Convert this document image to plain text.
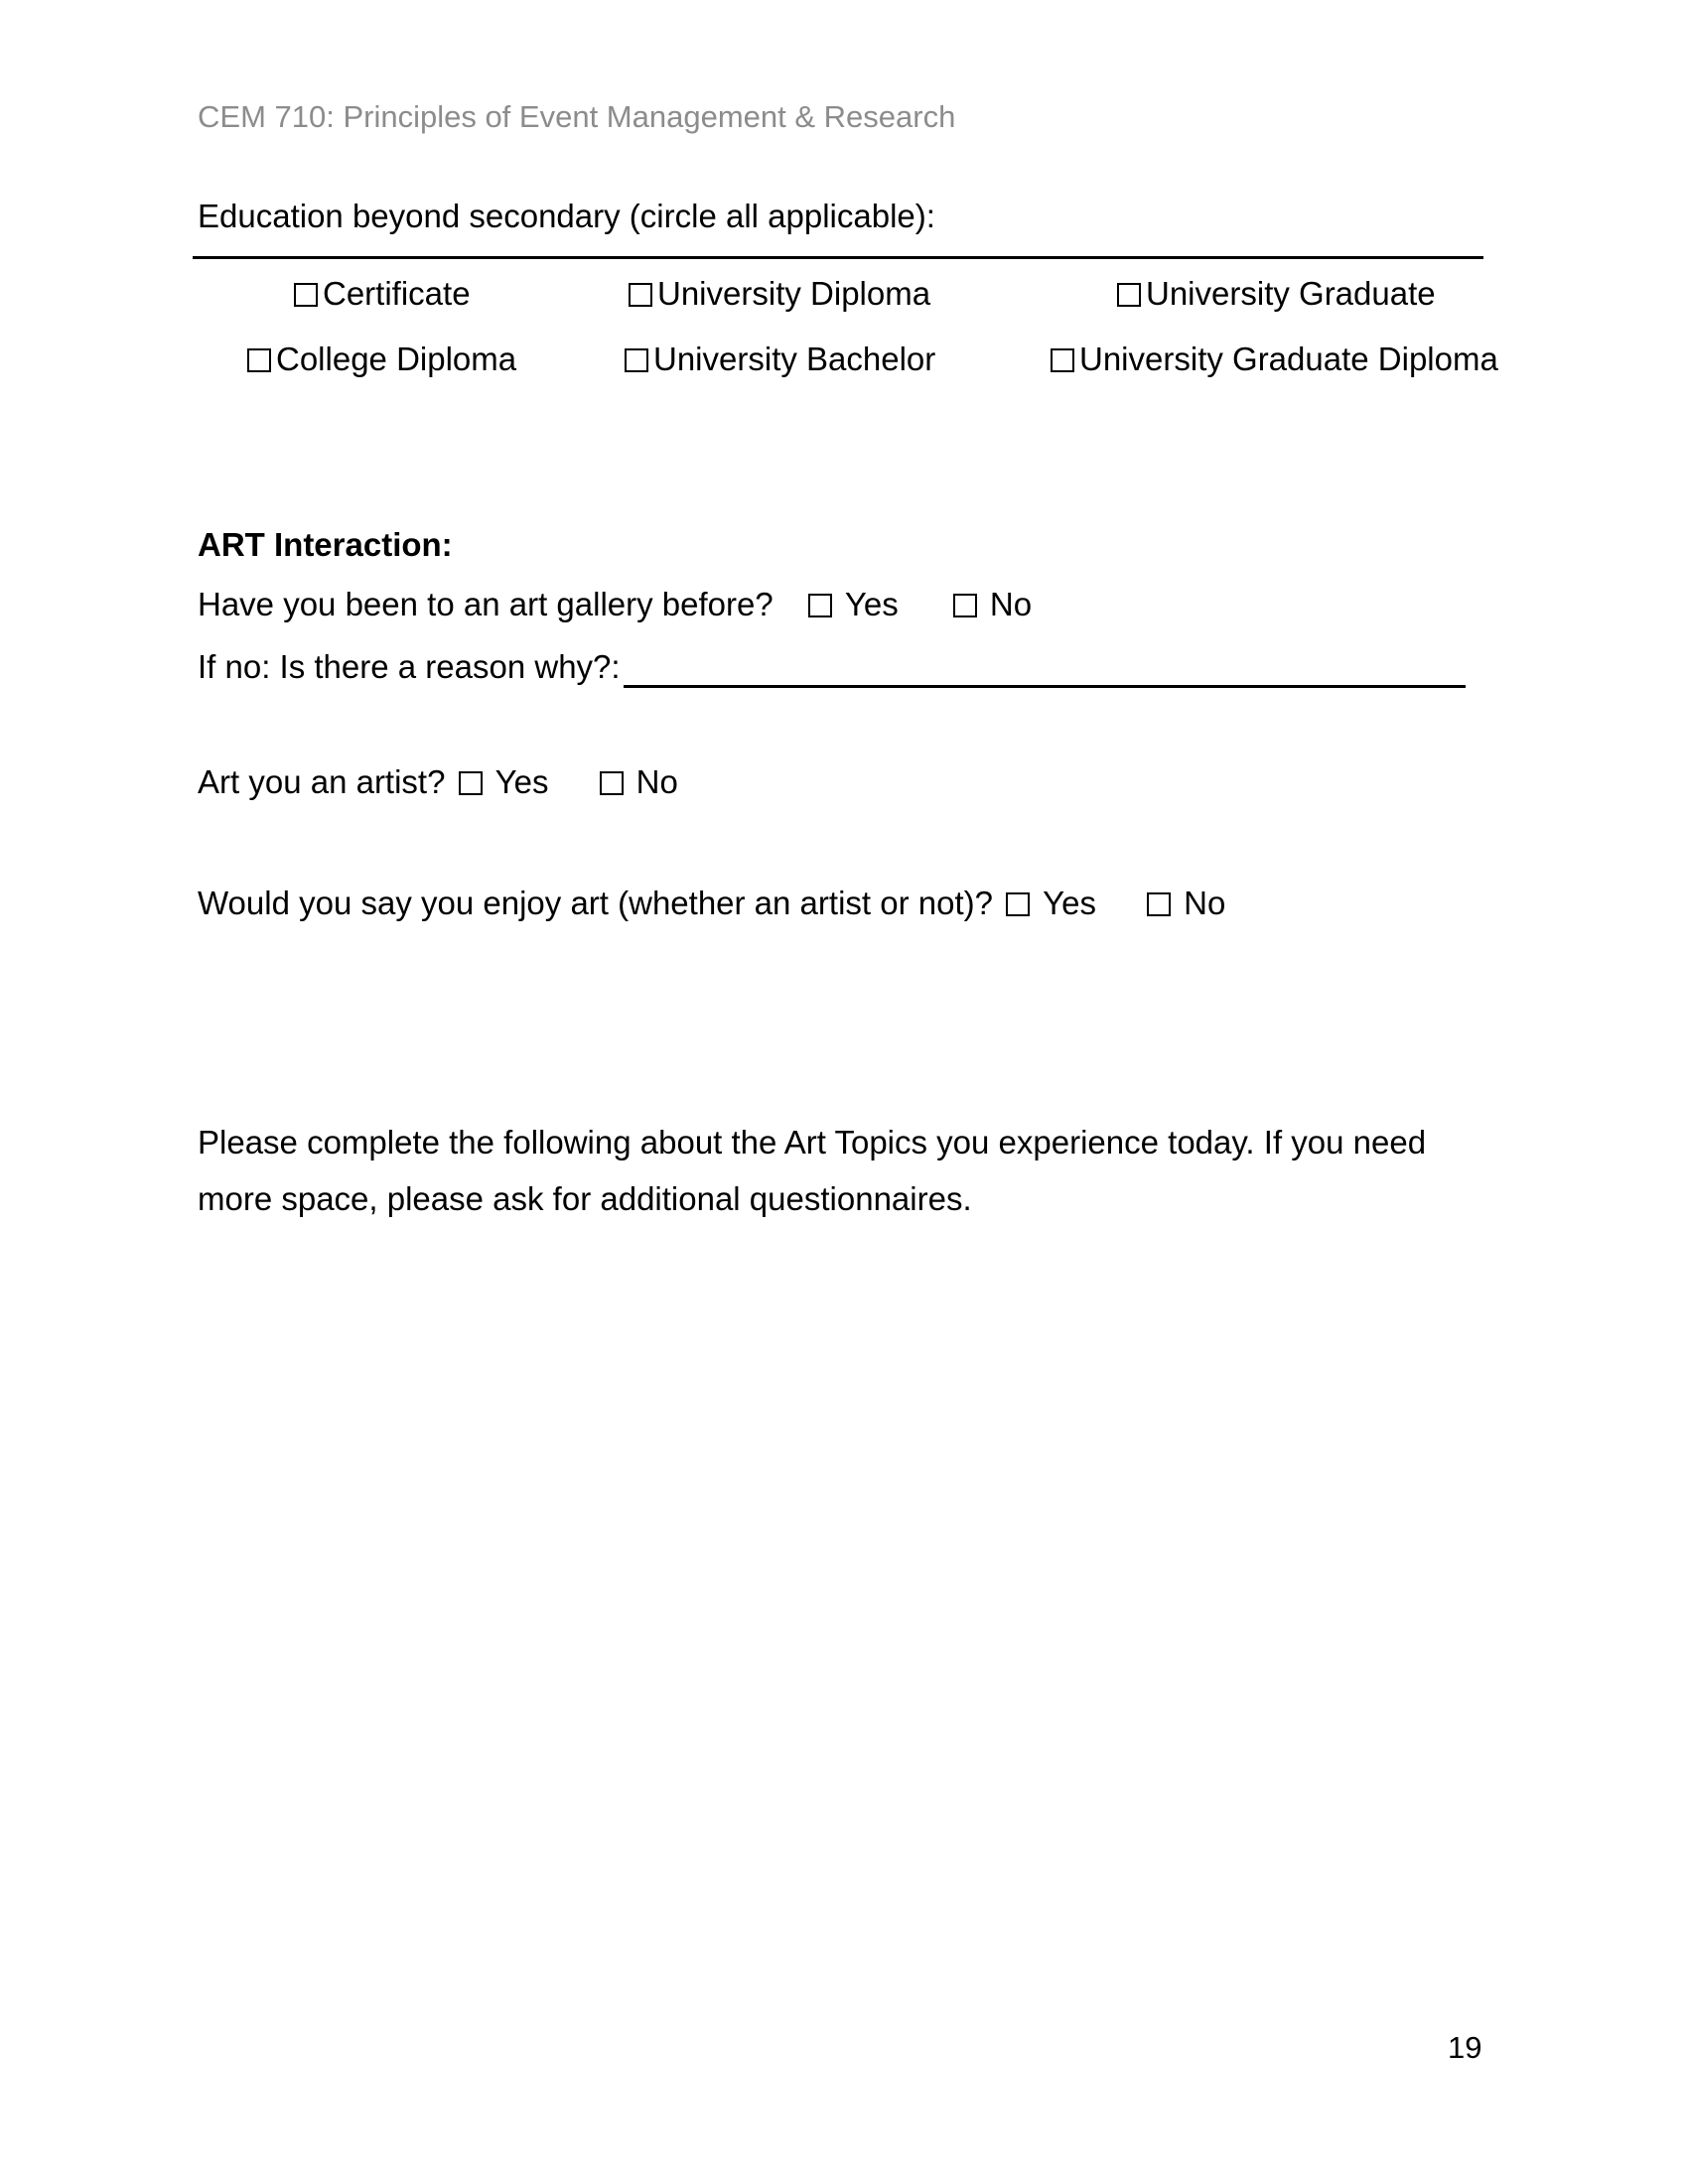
CEM 710: Principles of Event Management & Research
Education beyond secondary (circle all applicable):
Certificate	University Diploma	University Graduate
College Diploma	University Bachelor	University Graduate Diploma
ART Interaction:
Have you been to an art gallery before? Yes	No
If no: Is there a reason why?:
Art you an artist? Yes	No
Would you say you enjoy art (whether an artist or not)? Yes	No
Please complete the following about the Art Topics you experience today. If you need more space, please ask for additional questionnaires.
19
